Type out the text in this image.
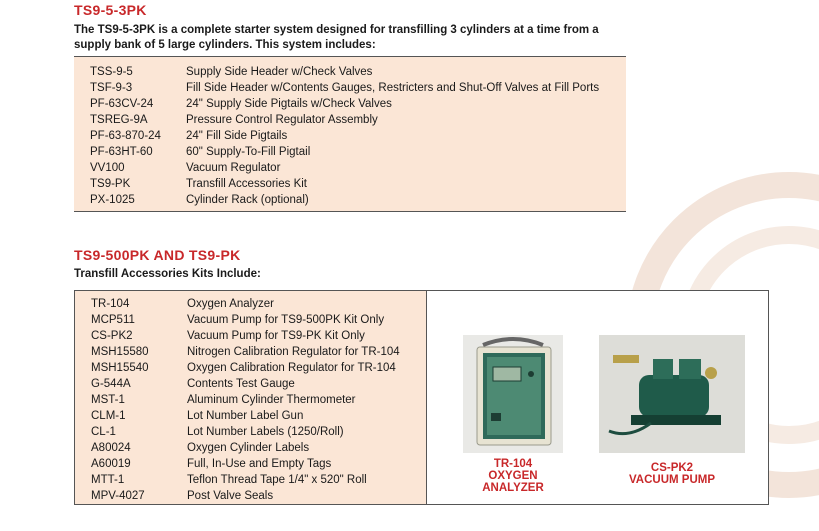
TS9-5-3PK
The TS9-5-3PK is a complete starter system designed for transfilling 3 cylinders at a time from a supply bank of 5 large cylinders. This system includes:
TSS-9-5	Supply Side Header w/Check Valves
TSF-9-3	Fill Side Header w/Contents Gauges, Restricters and Shut-Off Valves at Fill Ports
PF-63CV-24	24" Supply Side Pigtails w/Check Valves
TSREG-9A	Pressure Control Regulator Assembly
PF-63-870-24	24" Fill Side Pigtails
PF-63HT-60	60" Supply-To-Fill Pigtail
VV100	Vacuum Regulator
TS9-PK	Transfill Accessories Kit
PX-1025	Cylinder Rack (optional)
TS9-500PK AND TS9-PK
Transfill Accessories Kits Include:
TR-104	Oxygen Analyzer
MCP511	Vacuum Pump for TS9-500PK Kit Only
CS-PK2	Vacuum Pump for TS9-PK Kit Only
MSH15580	Nitrogen Calibration Regulator for TR-104
MSH15540	Oxygen Calibration Regulator for TR-104
G-544A	Contents Test Gauge
MST-1	Aluminum Cylinder Thermometer
CLM-1	Lot Number Label Gun
CL-1	Lot Number Labels (1250/Roll)
A80024	Oxygen Cylinder Labels
A60019	Full, In-Use and Empty Tags
MTT-1	Teflon Thread Tape 1/4" x 520" Roll
MPV-4027	Post Valve Seals
TR-104
OXYGEN
ANALYZER
CS-PK2
VACUUM PUMP
